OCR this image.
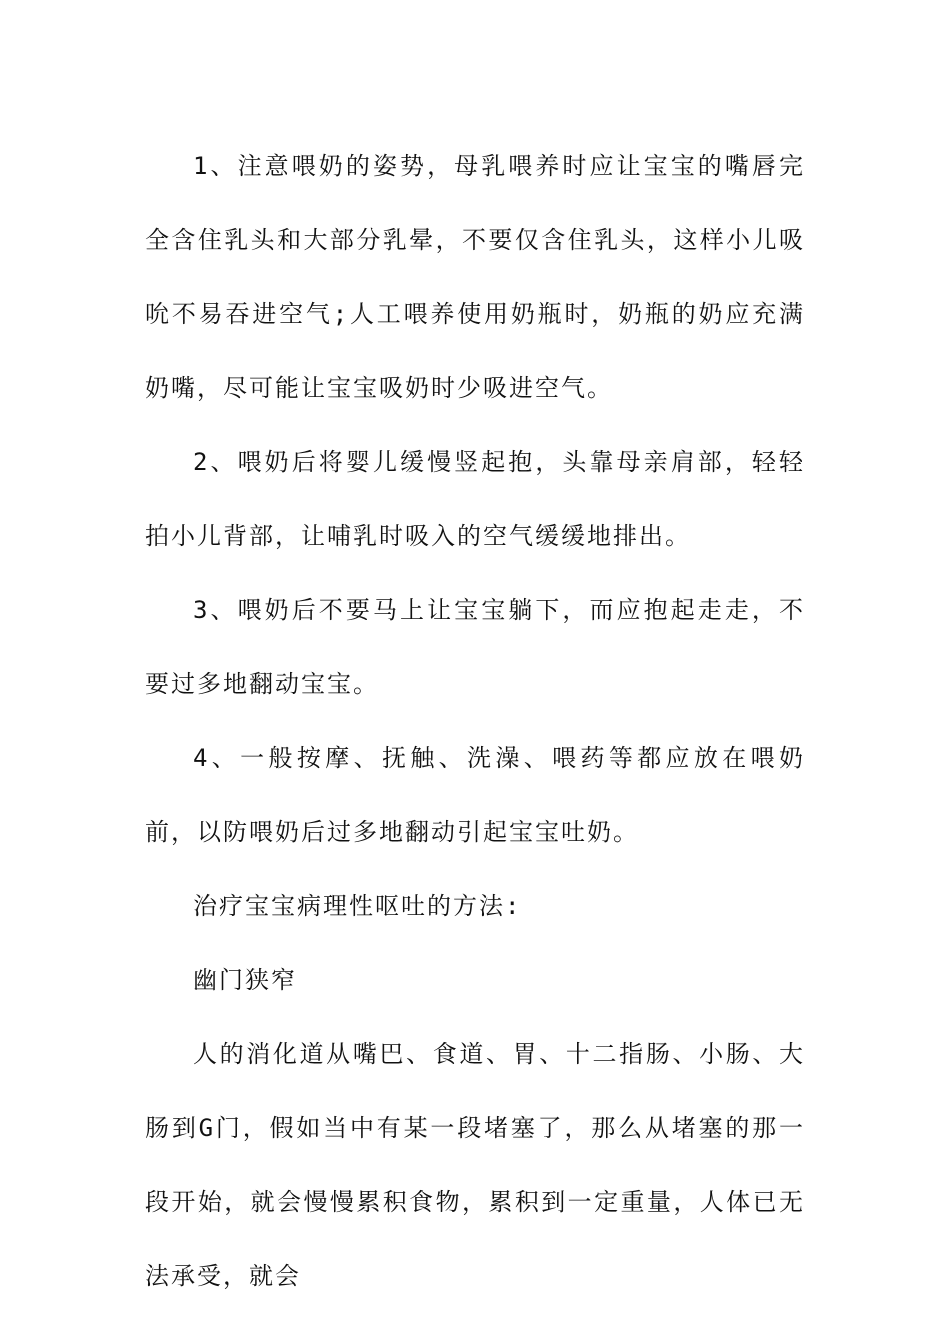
1、注意喂奶的姿势，母乳喂养时应让宝宝的嘴唇完全含住乳头和大部分乳晕，不要仅含住乳头，这样小儿吸吮不易吞进空气;人工喂养使用奶瓶时，奶瓶的奶应充满奶嘴，尽可能让宝宝吸奶时少吸进空气。

2、喂奶后将婴儿缓慢竖起抱，头靠母亲肩部，轻轻拍小儿背部，让哺乳时吸入的空气缓缓地排出。

3、喂奶后不要马上让宝宝躺下，而应抱起走走，不要过多地翻动宝宝。

4、一般按摩、抚触、洗澡、喂药等都应放在喂奶前，以防喂奶后过多地翻动引起宝宝吐奶。

治疗宝宝病理性呕吐的方法:

幽门狭窄

人的消化道从嘴巴、食道、胃、十二指肠、小肠、大肠到G门，假如当中有某一段堵塞了，那么从堵塞的那一段开始，就会慢慢累积食物，累积到一定重量，人体已无法承受，就会
